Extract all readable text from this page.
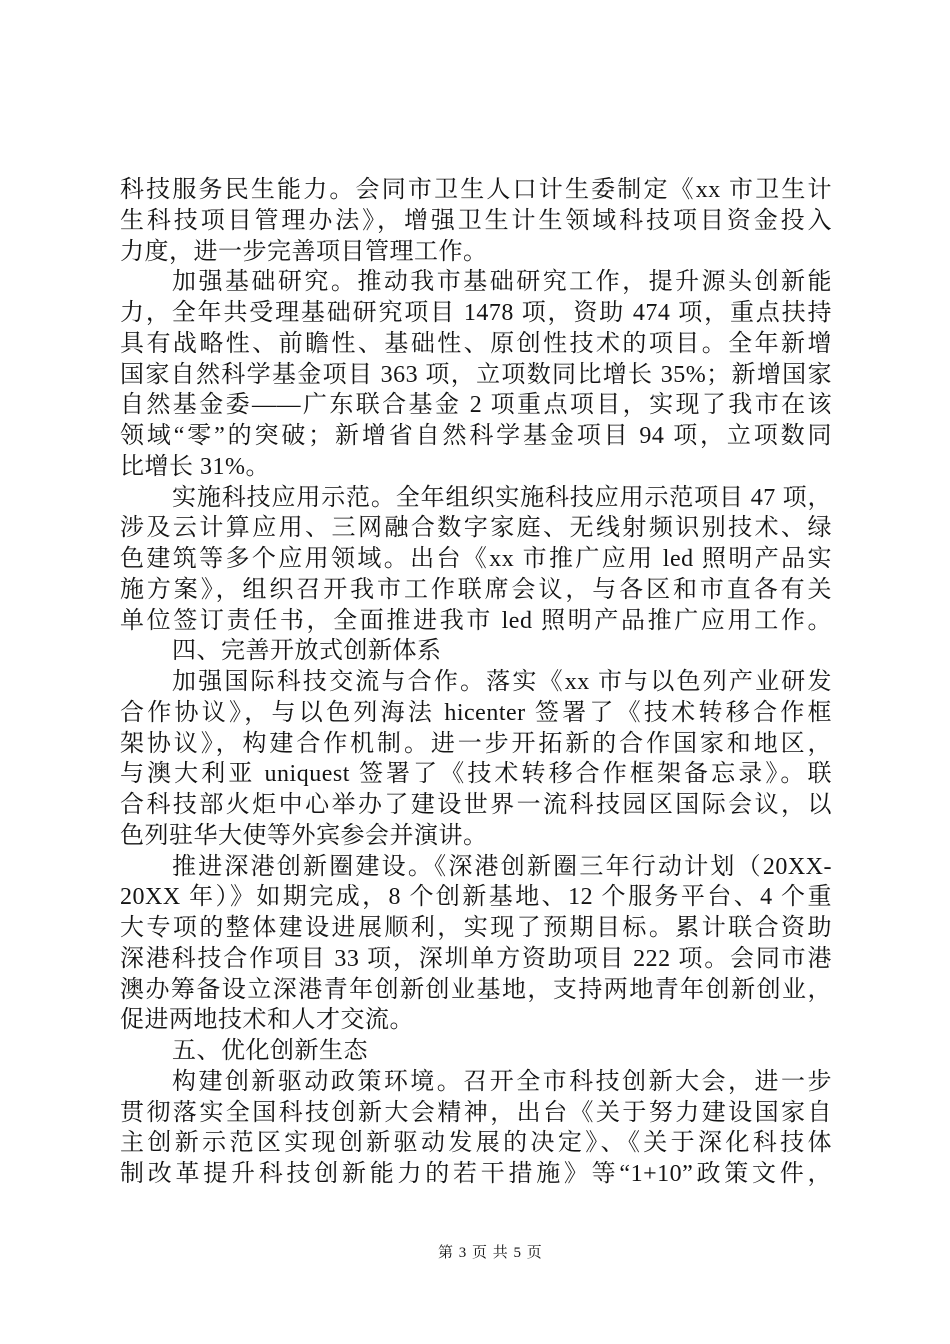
科技服务民生能力。会同市卫生人口计生委制定《xx 市卫生计
生科技项目管理办法》，增强卫生计生领域科技项目资金投入
力度，进一步完善项目管理工作。
加强基础研究。推动我市基础研究工作，提升源头创新能
力，全年共受理基础研究项目 1478 项，资助 474 项，重点扶持
具有战略性、前瞻性、基础性、原创性技术的项目。全年新增
国家自然科学基金项目 363 项，立项数同比增长 35%；新增国家
自然基金委——广东联合基金 2 项重点项目，实现了我市在该
领域“零”的突破；新增省自然科学基金项目 94 项，立项数同
比增长 31%。
实施科技应用示范。全年组织实施科技应用示范项目 47 项，
涉及云计算应用、三网融合数字家庭、无线射频识别技术、绿
色建筑等多个应用领域。出台《xx 市推广应用 led 照明产品实
施方案》，组织召开我市工作联席会议，与各区和市直各有关
单位签订责任书，全面推进我市 led 照明产品推广应用工作。
四、完善开放式创新体系
加强国际科技交流与合作。落实《xx 市与以色列产业研发
合作协议》，与以色列海法 hicenter 签署了《技术转移合作框
架协议》，构建合作机制。进一步开拓新的合作国家和地区，
与澳大利亚 uniquest 签署了《技术转移合作框架备忘录》。联
合科技部火炬中心举办了建设世界一流科技园区国际会议，以
色列驻华大使等外宾参会并演讲。
推进深港创新圈建设。《深港创新圈三年行动计划（20XX-
20XX 年）》如期完成，8 个创新基地、12 个服务平台、4 个重
大专项的整体建设进展顺利，实现了预期目标。累计联合资助
深港科技合作项目 33 项，深圳单方资助项目 222 项。会同市港
澳办筹备设立深港青年创新创业基地，支持两地青年创新创业，
促进两地技术和人才交流。
五、优化创新生态
构建创新驱动政策环境。召开全市科技创新大会，进一步
贯彻落实全国科技创新大会精神，出台《关于努力建设国家自
主创新示范区实现创新驱动发展的决定》、《关于深化科技体
制改革提升科技创新能力的若干措施》等“1+10”政策文件，
第 3 页 共 5 页
